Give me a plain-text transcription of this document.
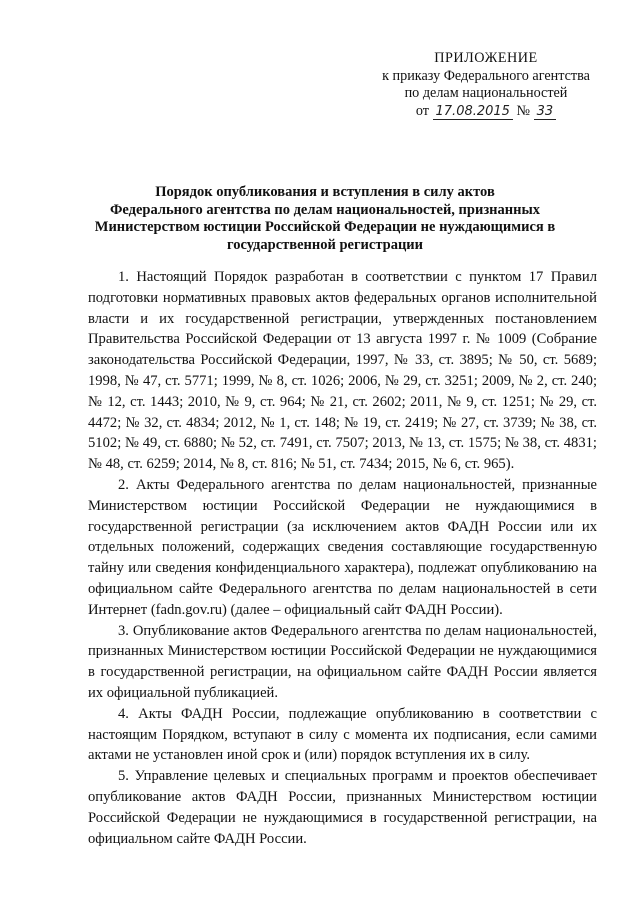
ПРИЛОЖЕНИЕ
к приказу Федерального агентства
по делам национальностей
от 17.08.2015 № 33
Порядок опубликования и вступления в силу актов
Федерального агентства по делам национальностей, признанных
Министерством юстиции Российской Федерации не нуждающимися в
государственной регистрации

1. Настоящий Порядок разработан в соответствии с пунктом 17 Правил подготовки нормативных правовых актов федеральных органов исполнительной власти и их государственной регистрации, утвержденных постановлением Правительства Российской Федерации от 13 августа 1997 г. № 1009 (Собрание законодательства Российской Федерации, 1997, № 33, ст. 3895; № 50, ст. 5689; 1998, № 47, ст. 5771; 1999, № 8, ст. 1026; 2006, № 29, ст. 3251; 2009, № 2, ст. 240; № 12, ст. 1443; 2010, № 9, ст. 964; № 21, ст. 2602; 2011, № 9, ст. 1251; № 29, ст. 4472; № 32, ст. 4834; 2012, № 1, ст. 148; № 19, ст. 2419; № 27, ст. 3739; № 38, ст. 5102; № 49, ст. 6880; № 52, ст. 7491, ст. 7507; 2013, № 13, ст. 1575; № 38, ст. 4831; № 48, ст. 6259; 2014, № 8, ст. 816; № 51, ст. 7434; 2015, № 6, ст. 965).

2. Акты Федерального агентства по делам национальностей, признанные Министерством юстиции Российской Федерации не нуждающимися в государственной регистрации (за исключением актов ФАДН России или их отдельных положений, содержащих сведения составляющие государственную тайну или сведения конфиденциального характера), подлежат опубликованию на официальном сайте Федерального агентства по делам национальностей в сети Интернет (fadn.gov.ru) (далее – официальный сайт ФАДН России).

3. Опубликование актов Федерального агентства по делам национальностей, признанных Министерством юстиции Российской Федерации не нуждающимися в государственной регистрации, на официальном сайте ФАДН России является их официальной публикацией.

4. Акты ФАДН России, подлежащие опубликованию в соответствии с настоящим Порядком, вступают в силу с момента их подписания, если самими актами не установлен иной срок и (или) порядок вступления их в силу.

5. Управление целевых и специальных программ и проектов обеспечивает опубликование актов ФАДН России, признанных Министерством юстиции Российской Федерации не нуждающимися в государственной регистрации, на официальном сайте ФАДН России.
